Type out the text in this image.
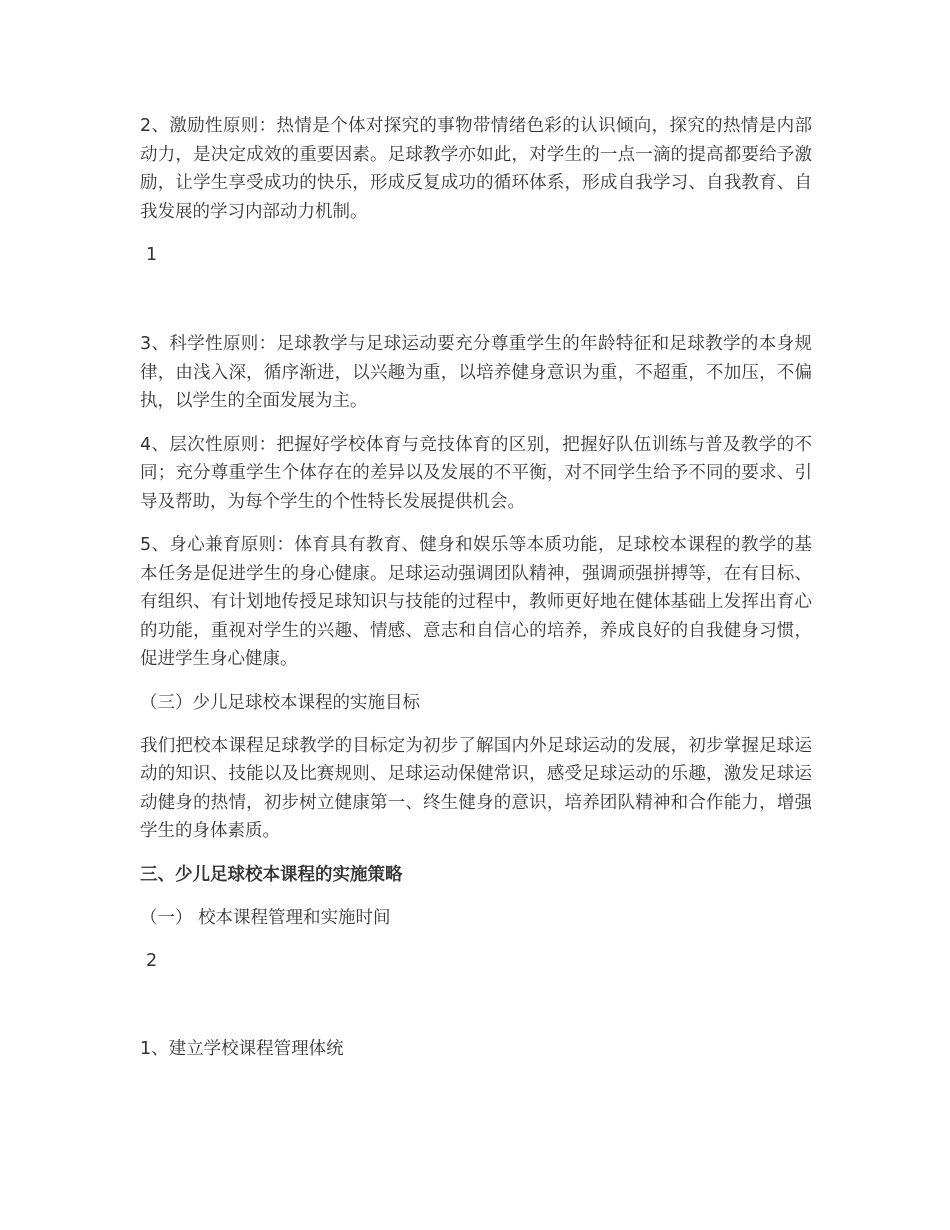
2、激励性原则：热情是个体对探究的事物带情绪色彩的认识倾向，探究的热情是内部动力，是决定成效的重要因素。足球教学亦如此，对学生的一点一滴的提高都要给予激励，让学生享受成功的快乐，形成反复成功的循环体系，形成自我学习、自我教育、自我发展的学习内部动力机制。

1

3、科学性原则：足球教学与足球运动要充分尊重学生的年龄特征和足球教学的本身规律，由浅入深，循序渐进，以兴趣为重，以培养健身意识为重，不超重，不加压，不偏执，以学生的全面发展为主。

4、层次性原则：把握好学校体育与竞技体育的区别，把握好队伍训练与普及教学的不同；充分尊重学生个体存在的差异以及发展的不平衡，对不同学生给予不同的要求、引导及帮助，为每个学生的个性特长发展提供机会。

5、身心兼育原则：体育具有教育、健身和娱乐等本质功能，足球校本课程的教学的基本任务是促进学生的身心健康。足球运动强调团队精神，强调顽强拼搏等，在有目标、有组织、有计划地传授足球知识与技能的过程中，教师更好地在健体基础上发挥出育心的功能，重视对学生的兴趣、情感、意志和自信心的培养，养成良好的自我健身习惯，促进学生身心健康。

（三）少儿足球校本课程的实施目标

我们把校本课程足球教学的目标定为初步了解国内外足球运动的发展，初步掌握足球运动的知识、技能以及比赛规则、足球运动保健常识，感受足球运动的乐趣，激发足球运动健身的热情，初步树立健康第一、终生健身的意识，培养团队精神和合作能力，增强学生的身体素质。

三、少儿足球校本课程的实施策略

（一） 校本课程管理和实施时间

2

1、建立学校课程管理体统
